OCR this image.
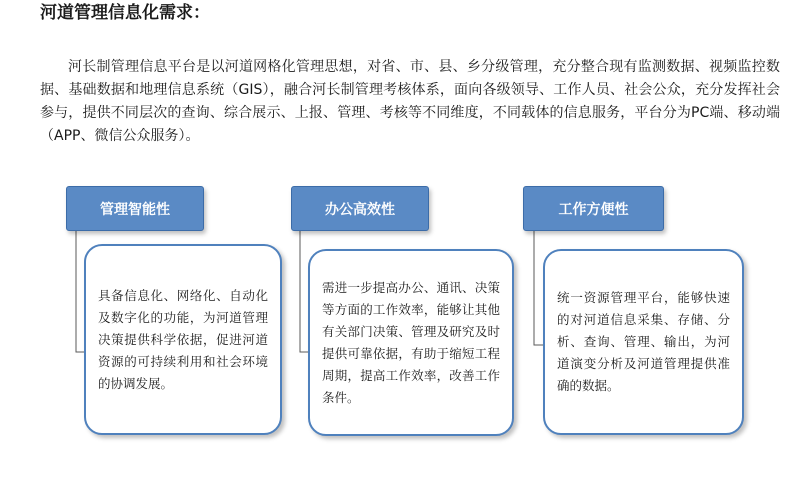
河道管理信息化需求：

河长制管理信息平台是以河道网格化管理思想，对省、市、县、乡分级管理，充分整合现有监测数据、视频监控数据、基础数据和地理信息系统（GIS），融合河长制管理考核体系，面向各级领导、工作人员、社会公众，充分发挥社会参与，提供不同层次的查询、综合展示、上报、管理、考核等不同维度，不同载体的信息服务，平台分为PC端、移动端（APP、微信公众服务）。

管理智能性
具备信息化、网络化、自动化及数字化的功能，为河道管理决策提供科学依据，促进河道资源的可持续利用和社会环境的协调发展。
办公高效性
需进一步提高办公、通讯、决策等方面的工作效率，能够让其他有关部门决策、管理及研究及时提供可靠依据，有助于缩短工程周期，提高工作效率，改善工作条件。
工作方便性
统一资源管理平台，能够快速的对河道信息采集、存储、分析、查询、管理、输出，为河道演变分析及河道管理提供准确的数据。
